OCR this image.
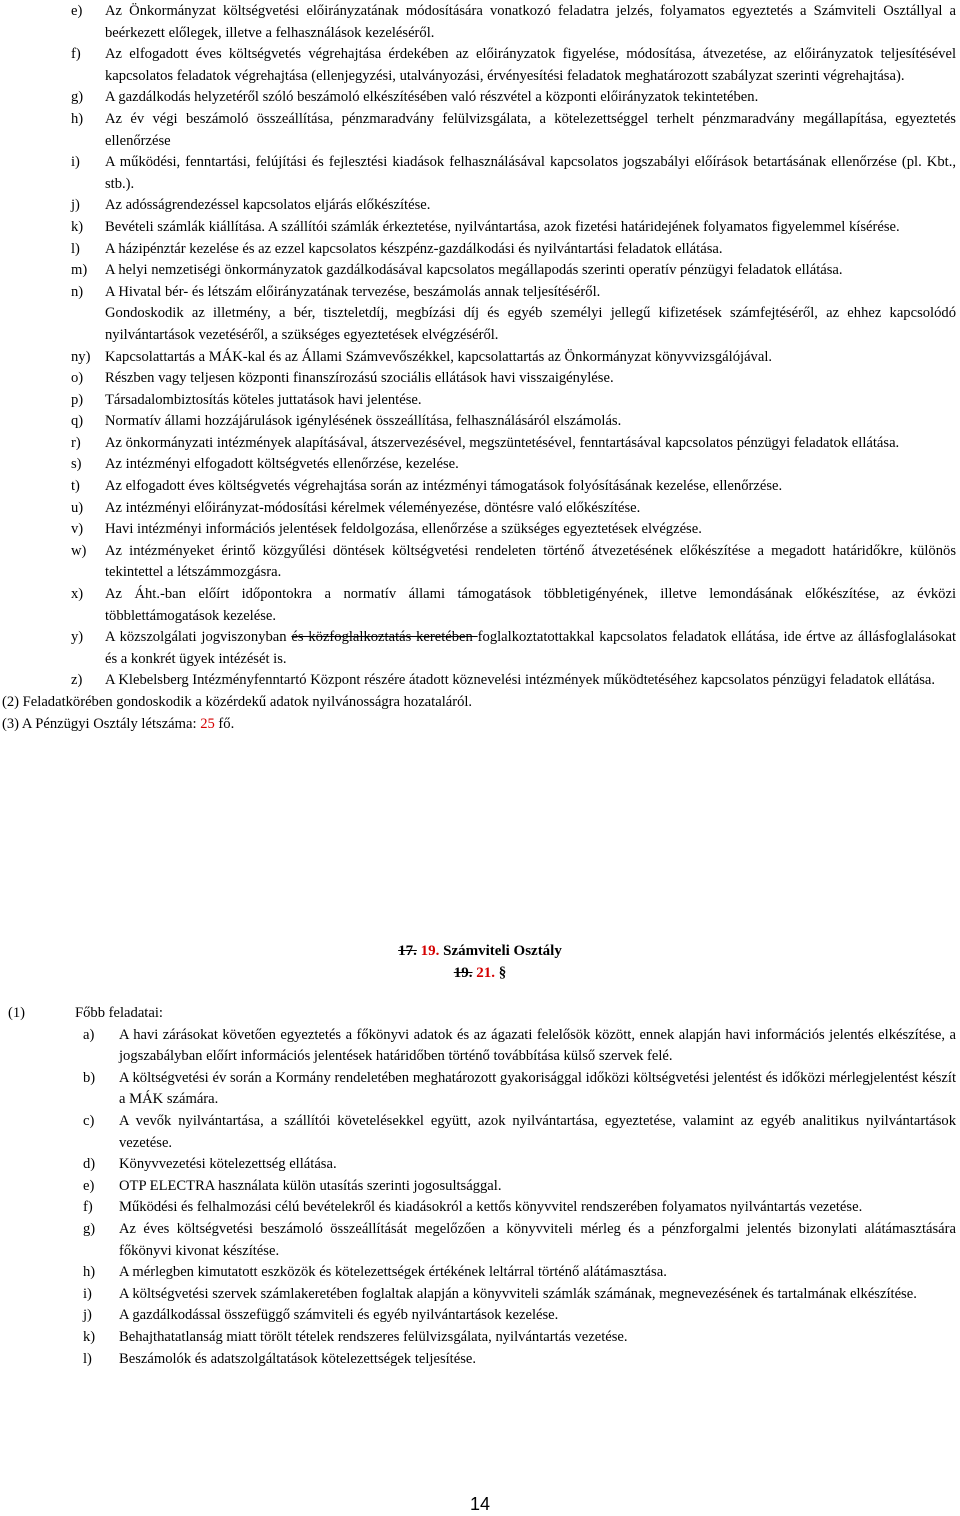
e) Az Önkormányzat költségvetési előirányzatának módosítására vonatkozó feladatra jelzés, folyamatos egyeztetés a Számviteli Osztállyal a beérkezett előlegek, illetve a felhasználások kezeléséről.
f) Az elfogadott éves költségvetés végrehajtása érdekében az előirányzatok figyelése, módosítása, átvezetése, az előirányzatok teljesítésével kapcsolatos feladatok végrehajtása (ellenjegyzési, utalványozási, érvényesítési feladatok meghatározott szabályzat szerinti végrehajtása).
g) A gazdálkodás helyzetéről szóló beszámoló elkészítésében való részvétel a központi előirányzatok tekintetében.
h) Az év végi beszámoló összeállítása, pénzmaradvány felülvizsgálata, a kötelezettséggel terhelt pénzmaradvány megállapítása, egyeztetés ellenőrzése
i) A működési, fenntartási, felújítási és fejlesztési kiadások felhasználásával kapcsolatos jogszabályi előírások betartásának ellenőrzése (pl. Kbt., stb.).
j) Az adósságrendezéssel kapcsolatos eljárás előkészítése.
k) Bevételi számlák kiállítása. A szállítói számlák érkeztetése, nyilvántartása, azok fizetési határidejének folyamatos figyelemmel kísérése.
l) A házipénztár kezelése és az ezzel kapcsolatos készpénz-gazdálkodási és nyilvántartási feladatok ellátása.
m) A helyi nemzetiségi önkormányzatok gazdálkodásával kapcsolatos megállapodás szerinti operatív pénzügyi feladatok ellátása.
n) A Hivatal bér- és létszám előirányzatának tervezése, beszámolás annak teljesítéséről.
Gondoskodik az illetmény, a bér, tiszteletdíj, megbízási díj és egyéb személyi jellegű kifizetések számfejtéséről, az ehhez kapcsolódó nyilvántartások vezetéséről, a szükséges egyeztetések elvégzéséről.
ny) Kapcsolattartás a MÁK-kal és az Állami Számvevőszékkel, kapcsolattartás az Önkormányzat könyvvizsgálójával.
o) Részben vagy teljesen központi finanszírozású szociális ellátások havi visszaigénylése.
p) Társadalombiztosítás köteles juttatások havi jelentése.
q) Normatív állami hozzájárulások igénylésének összeállítása, felhasználásáról elszámolás.
r) Az önkormányzati intézmények alapításával, átszervezésével, megszüntetésével, fenntartásával kapcsolatos pénzügyi feladatok ellátása.
s) Az intézményi elfogadott költségvetés ellenőrzése, kezelése.
t) Az elfogadott éves költségvetés végrehajtása során az intézményi támogatások folyósításának kezelése, ellenőrzése.
u) Az intézményi előirányzat-módosítási kérelmek véleményezése, döntésre való előkészítése.
v) Havi intézményi információs jelentések feldolgozása, ellenőrzése a szükséges egyeztetések elvégzése.
w) Az intézményeket érintő közgyűlési döntések költségvetési rendeleten történő átvezetésének előkészítése a megadott határidőkre, különös tekintettel a létszámmozgásra.
x) Az Áht.-ban előírt időpontokra a normatív állami támogatások többletigényének, illetve lemondásának előkészítése, az évközi többlettámogatások kezelése.
y) A közszolgálati jogviszonyban és közfoglalkoztatás keretében foglalkoztatottakkal kapcsolatos feladatok ellátása, ide értve az állásfoglalásokat és a konkrét ügyek intézését is.
z) A Klebelsberg Intézményfenntartó Központ részére átadott köznevelési intézmények működtetéséhez kapcsolatos pénzügyi feladatok ellátása.
(2) Feladatkörében gondoskodik a közérdekű adatok nyilvánosságra hozataláról.
(3) A Pénzügyi Osztály létszáma: 25 fő.
17. 19. Számviteli Osztály
19. 21. §
(1)	Főbb feladatai:
a) A havi zárásokat követően egyeztetés a főkönyvi adatok és az ágazati felelősök között, ennek alapján havi információs jelentés elkészítése, a jogszabályban előírt információs jelentések határidőben történő továbbítása külső szervek felé.
b) A költségvetési év során a Kormány rendeletében meghatározott gyakorisággal időközi költségvetési jelentést és időközi mérlegjelentést készít a MÁK számára.
c) A vevők nyilvántartása, a szállítói követelésekkel együtt, azok nyilvántartása, egyeztetése, valamint az egyéb analitikus nyilvántartások vezetése.
d) Könyvvezetési kötelezettség ellátása.
e) OTP ELECTRA használata külön utasítás szerinti jogosultsággal.
f) Működési és felhalmozási célú bevételekről és kiadásokról a kettős könyvvitel rendszerében folyamatos nyilvántartás vezetése.
g) Az éves költségvetési beszámoló összeállítását megelőzően a könyvviteli mérleg és a pénzforgalmi jelentés bizonylati alátámasztására főkönyvi kivonat készítése.
h) A mérlegben kimutatott eszközök és kötelezettségek értékének leltárral történő alátámasztása.
i) A költségvetési szervek számlakeretében foglaltak alapján a könyvviteli számlák számának, megnevezésének és tartalmának elkészítése.
j) A gazdálkodással összefüggő számviteli és egyéb nyilvántartások kezelése.
k) Behajthatatlanság miatt törölt tételek rendszeres felülvizsgálata, nyilvántartás vezetése.
l) Beszámolók és adatszolgáltatások kötelezettségek teljesítése.
14
